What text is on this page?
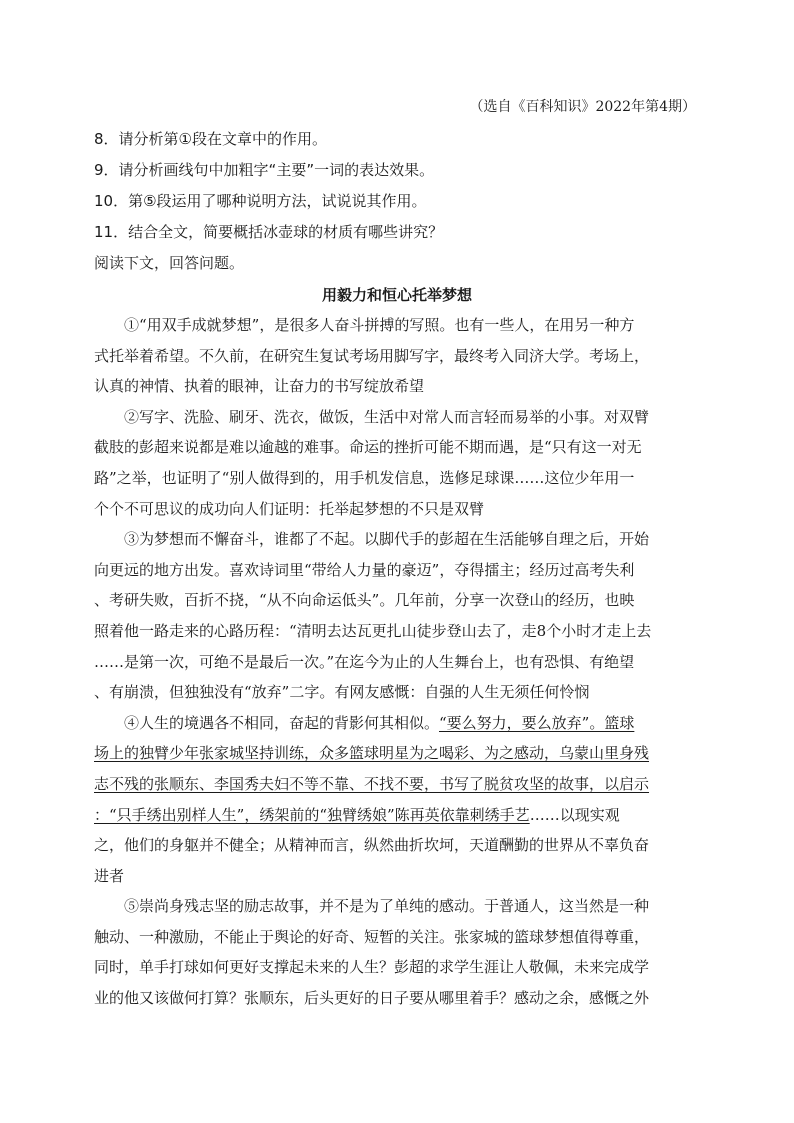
（选自《百科知识》2022年第4期）
8．请分析第①段在文章中的作用。
9．请分析画线句中加粗字“主要”一词的表达效果。
10．第⑤段运用了哪种说明方法，试说说其作用。
11．结合全文，简要概括冰壶球的材质有哪些讲究？
阅读下文，回答问题。
用毅力和恒心托举梦想
①“用双手成就梦想”，是很多人奋斗拼搏的写照。也有一些人，在用另一种方
式托举着希望。不久前，在研究生复试考场用脚写字，最终考入同济大学。考场上，
认真的神情、执着的眼神，让奋力的书写绽放希望
②写字、洗脸、刷牙、洗衣，做饭，生活中对常人而言轻而易举的小事。对双臂
截肢的彭超来说都是难以逾越的难事。命运的挫折可能不期而遇，是“只有这一对无
路”之举，也证明了“别人做得到的，用手机发信息，选修足球课……这位少年用一
个个不可思议的成功向人们证明：托举起梦想的不只是双臂
③为梦想而不懈奋斗，谁都了不起。以脚代手的彭超在生活能够自理之后，开始
向更远的地方出发。喜欢诗词里“带给人力量的豪迈”，夺得擂主；经历过高考失利
、考研失败，百折不挠，“从不向命运低头”。几年前，分享一次登山的经历，也映
照着他一路走来的心路历程：“清明去达瓦更扎山徒步登山去了，走8个小时才走上去
……是第一次，可绝不是最后一次。”在迄今为止的人生舞台上，也有恐惧、有绝望
、有崩溃，但独独没有“放弃”二字。有网友感慨：自强的人生无须任何怜悯
④人生的境遇各不相同，奋起的背影何其相似。“要么努力，要么放弃”。篮球
场上的独臂少年张家城坚持训练，众多篮球明星为之喝彩、为之感动，乌蒙山里身残
志不残的张顺东、李国秀夫妇不等不靠、不找不要，书写了脱贫攻坚的故事，以启示
：“只手绣出别样人生”，绣架前的“独臂绣娘”陈再英依靠刺绣手艺……以现实观
之，他们的身躯并不健全；从精神而言，纵然曲折坎坷，天道酬勤的世界从不辜负奋
进者
⑤崇尚身残志坚的励志故事，并不是为了单纯的感动。于普通人，这当然是一种
触动、一种激励，不能止于舆论的好奇、短暂的关注。张家城的篮球梦想值得尊重，
同时，单手打球如何更好支撑起未来的人生？彭超的求学生涯让人敬佩，未来完成学
业的他又该做何打算？张顺东，后头更好的日子要从哪里着手？感动之余，感慨之外
